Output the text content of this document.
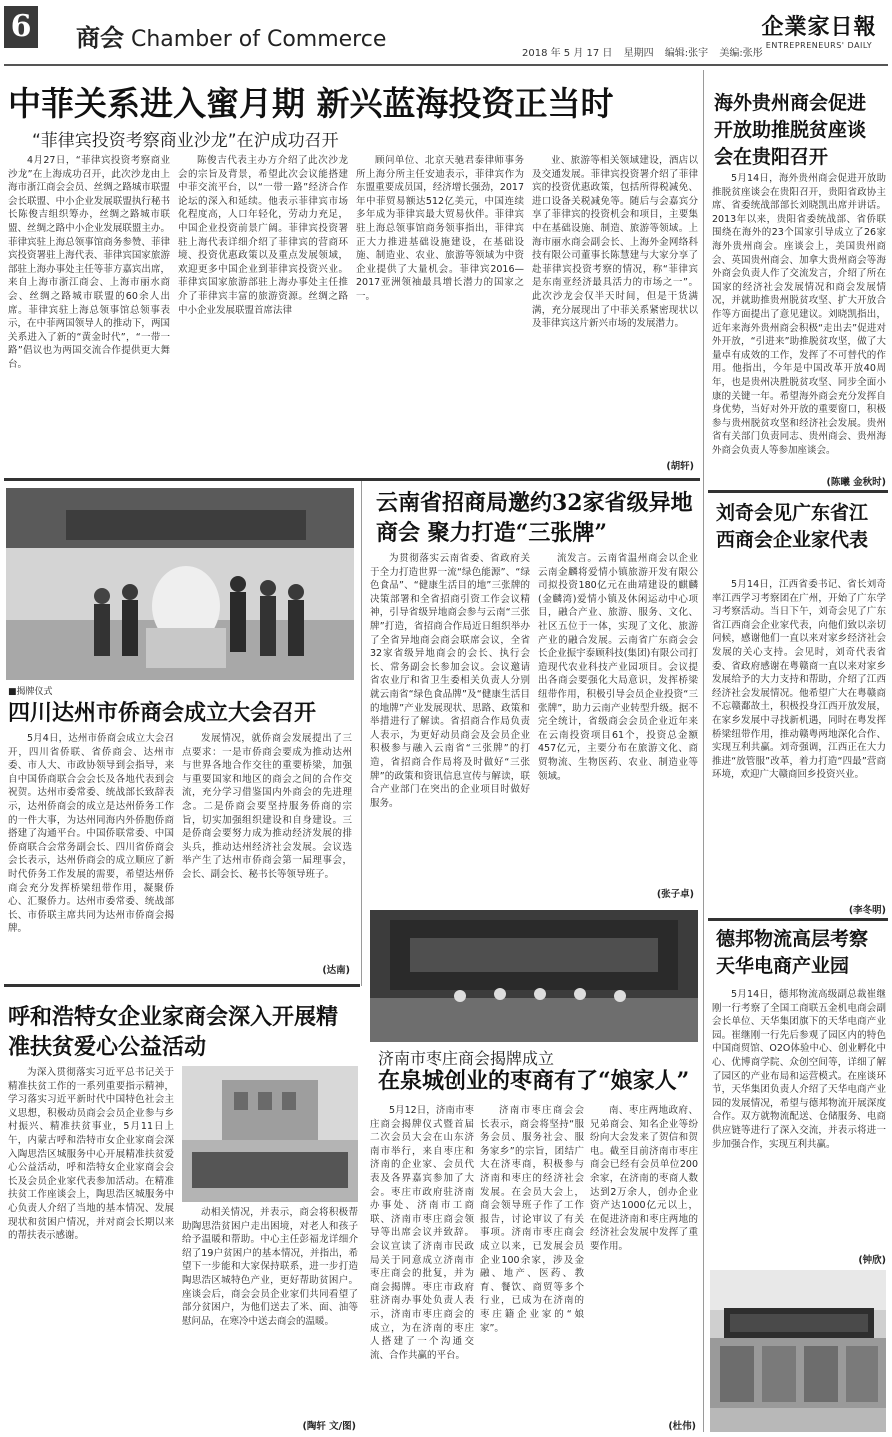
6 商会 Chamber of Commerce
2018 年 5 月 17 日 星期四 编辑:张宇 美编:张彤
企業家日報
ENTREPRENEURS' DAILY
中菲关系进入蜜月期 新兴蓝海投资正当时
“菲律宾投资考察商业沙龙”在沪成功召开

4月27日，“菲律宾投资考察商业沙龙”在上海成功召开，此次沙龙由上海市浙江商会会员、丝绸之路城市联盟会长联盟、中小企业发展联盟执行秘书长陈俊吉组织筹办，丝绸之路城市联盟、丝绸之路中小企业发展联盟主办。菲律宾驻上海总领事馆商务参赞、菲律宾投资署驻上海代表、菲律宾国家旅游部驻上海办事处主任等菲方嘉宾出席，来自上海市浙江商会、上海市丽水商会、丝绸之路城市联盟的60余人出席。菲律宾驻上海总领事馆总领事表示，在中菲两国领导人的推动下，两国关系进入了新的“黄金时代”，“一带一路”倡议也为两国交流合作提供更大舞台。

陈俊吉代表主办方介绍了此次沙龙会的宗旨及背景，希望此次会议能搭建中菲交流平台，以“一带一路”经济合作论坛的深入和延续。他表示菲律宾市场化程度高，人口年轻化，劳动力充足，中国企业投资前景广阔。菲律宾投资署驻上海代表详细介绍了菲律宾的营商环境、投资优惠政策以及重点发展领域，欢迎更多中国企业到菲律宾投资兴业。菲律宾国家旅游部驻上海办事处主任推介了菲律宾丰富的旅游资源。丝绸之路中小企业发展联盟首席法律

顾问单位、北京天驰君泰律师事务所上海分所主任安迪表示，菲律宾作为东盟重要成员国，经济增长强劲，2017年中菲贸易额达512亿美元，中国连续多年成为菲律宾最大贸易伙伴。菲律宾驻上海总领事馆商务领事指出，菲律宾正大力推进基础设施建设，在基础设施、制造业、农业、旅游等领域为中资企业提供了大量机会。菲律宾2016—2017亚洲领袖最具增长潜力的国家之一。

业、旅游等相关领域建设，酒店以及交通发展。菲律宾投资署介绍了菲律宾的投资优惠政策，包括所得税减免、进口设备关税减免等。随后与会嘉宾分享了菲律宾的投资机会和项目，主要集中在基础设施、制造、旅游等领域。上海市丽水商会副会长、上海外金网络科技有限公司董事长陈慧建与大家分享了赴菲律宾投资考察的情况，称“菲律宾是东南亚经济最具活力的市场之一”。此次沙龙会仅半天时间，但是干货满满，充分展现出了中菲关系紧密现状以及菲律宾这片新兴市场的发展潜力。

(胡轩)
海外贵州商会促进开放助推脱贫座谈会在贵阳召开

5月14日，海外贵州商会促进开放助推脱贫座谈会在贵阳召开，贵阳省政协主席、省委统战部部长刘晓凯出席并讲话。2013年以来，贵阳省委统战部、省侨联围绕在海外的23个国家引导成立了26家海外贵州商会。座谈会上，美国贵州商会、英国贵州商会、加拿大贵州商会等海外商会负责人作了交流发言，介绍了所在国家的经济社会发展情况和商会发展情况，并就助推贵州脱贫攻坚、扩大开放合作等方面提出了意见建议。刘晓凯指出，近年来海外贵州商会积极“走出去”促进对外开放，“引进来”助推脱贫攻坚，做了大量卓有成效的工作，发挥了不可替代的作用。他指出，今年是中国改革开放40周年，也是贵州决胜脱贫攻坚、同步全面小康的关键一年。希望海外商会充分发挥自身优势，当好对外开放的重要窗口，积极参与贵州脱贫攻坚和经济社会发展。贵州省有关部门负责同志、贵州商会、贵州海外商会负责人等参加座谈会。

(陈曦 金秋时)
刘奇会见广东省江西商会企业家代表

5月14日，江西省委书记、省长刘奇率江西学习考察团在广州，开始了广东学习考察活动。当日下午，刘奇会见了广东省江西商会企业家代表，向他们致以亲切问候，感谢他们一直以来对家乡经济社会发展的关心支持。会见时，刘奇代表省委、省政府感谢在粤赣商一直以来对家乡发展给予的大力支持和帮助，介绍了江西经济社会发展情况。他希望广大在粤赣商不忘赣鄱故土，积极投身江西开放发展，在家乡发展中寻找新机遇，同时在粤发挥桥梁纽带作用，推动赣粤两地深化合作、实现互利共赢。刘奇强调，江西正在大力推进“放管服”改革，着力打造“四最”营商环境，欢迎广大赣商回乡投资兴业。

(李冬明)
德邦物流高层考察天华电商产业园

5月14日，德邦物流高级副总裁崔继刚一行考察了全国工商联五金机电商会副会长单位、天华集团旗下的天华电商产业园。崔继刚一行先后参观了园区内的特色中国商贸馆、O2O体验中心、创业孵化中心、优博商学院、众创空间等，详细了解了园区的产业布局和运营模式。在座谈环节，天华集团负责人介绍了天华电商产业园的发展情况，希望与德邦物流开展深度合作。双方就物流配送、仓储服务、电商供应链等进行了深入交流，并表示将进一步加强合作，实现互利共赢。

(钟欣)
云南省招商局邀约32家省级异地商会 聚力打造“三张牌”

为贯彻落实云南省委、省政府关于全力打造世界一流“绿色能源”、“绿色食品”、“健康生活目的地”三张牌的决策部署和全省招商引资工作会议精神，引导省级异地商会参与云南“三张牌”打造，省招商合作局近日组织举办了全省异地商会商会联席会议，全省32家省级异地商会的会长、执行会长、常务副会长参加会议。会议邀请省农业厅和省卫生委相关负责人分别就云南省“绿色食品牌”及“健康生活目的地牌”产业发展现状、思路、政策和举措进行了解读。省招商合作局负责人表示，为更好动员商会及会员企业积极参与融入云南省“三张牌”的打造，省招商合作局将及时做好“三张牌”的政策和资讯信息宣传与解读，联合产业部门在突出的企业项目时做好服务。

流发言。云南省温州商会以企业云南金麟将爱情小镇旅游开发有限公司拟投资180亿元在曲靖建设的麒麟(金麟湾)爱情小镇及休闲运动中心项目，融合产业、旅游、服务、文化、社区五位于一体，实现了文化、旅游产业的融合发展。云南省广东商会会长企业振宇泰顾科技(集团)有限公司打造现代农业科技产业园项目。会议提出各商会要强化大局意识，发挥桥梁纽带作用，积极引导会员企业投资“三张牌”，助力云南产业转型升级。据不完全统计，省级商会会员企业近年来在云南投资项目61个，投资总金额457亿元，主要分布在旅游文化、商贸物流、生物医药、农业、制造业等领域。

(张子卓)
■揭牌仪式
四川达州市侨商会成立大会召开

5月4日，达州市侨商会成立大会召开，四川省侨联、省侨商会、达州市委、市人大、市政协领导到会指导，来自中国侨商联合会会长及各地代表到会祝贺。达州市委常委、统战部长致辞表示，达州侨商会的成立是达州侨务工作的一件大事，为达州同海内外侨胞侨商搭建了沟通平台。中国侨联常委、中国侨商联合会常务副会长、四川省侨商会会长表示，达州侨商会的成立顺应了新时代侨务工作发展的需要，希望达州侨商会充分发挥桥梁纽带作用，凝聚侨心、汇聚侨力。达州市委常委、统战部长、市侨联主席共同为达州市侨商会揭牌。

发展情况，就侨商会发展提出了三点要求：一是市侨商会要成为推动达州与世界各地合作交往的重要桥梁，加强与重要国家和地区的商会之间的合作交流，充分学习借鉴国内外商会的先进理念。二是侨商会要坚持服务侨商的宗旨，切实加强组织建设和自身建设。三是侨商会要努力成为推动经济发展的排头兵，推动达州经济社会发展。会议选举产生了达州市侨商会第一届理事会，会长、副会长、秘书长等领导班子。

(达南)
呼和浩特女企业家商会深入开展精准扶贫爱心公益活动

为深入贯彻落实习近平总书记关于精准扶贫工作的一系列重要指示精神，学习落实习近平新时代中国特色社会主义思想，积极动员商会会员企业参与乡村振兴、精准扶贫事业，5月11日上午，内蒙古呼和浩特市女企业家商会深入陶思浩区城服务中心开展精准扶贫爱心公益活动，呼和浩特女企业家商会会长及会员企业家代表参加活动。在精准扶贫工作座谈会上，陶思浩区城服务中心负责人介绍了当地的基本情况、发展现状和贫困户情况，并对商会长期以来的帮扶表示感谢。

动相关情况，并表示，商会将积极帮助陶思浩贫困户走出困境，对老人和孩子给予温暖和帮助。中心主任彭福龙详细介绍了19户贫困户的基本情况，并指出，希望下一步能和大家保持联系，进一步打造陶思浩区城特色产业，更好帮助贫困户。座谈会后，商会会员企业家们共同看望了部分贫困户，为他们送去了米、面、油等慰问品，在寒冷中送去商会的温暖。

(陶轩 文/图)
济南市枣庄商会揭牌成立
在泉城创业的枣商有了“娘家人”

5月12日，济南市枣庄商会揭牌仪式暨首届二次会员大会在山东济南市举行，来自枣庄和济南的企业家、会员代表及各界嘉宾参加了大会。枣庄市政府驻济南办事处、济南市工商联、济南市枣庄商会领导等出席会议并致辞。会议宣读了济南市民政局关于同意成立济南市枣庄商会的批复，并为商会揭牌。枣庄市政府驻济南办事处负责人表示，济南市枣庄商会的成立，为在济南的枣庄人搭建了一个沟通交流、合作共赢的平台。

济南市枣庄商会会长表示，商会将坚持“服务会员、服务社会、服务家乡”的宗旨，团结广大在济枣商，积极参与济南和枣庄的经济社会发展。在会员大会上，商会领导班子作了工作报告，讨论审议了有关事项。济南市枣庄商会成立以来，已发展会员企业100余家，涉及金融、地产、医药、教育、餐饮、商贸等多个行业，已成为在济南的枣庄籍企业家的“娘家”。

南、枣庄两地政府、兄弟商会、知名企业等纷纷向大会发来了贺信和贺电。截至目前济南市枣庄商会已经有会员单位200余家，在济南的枣商人数达到2万余人，创办企业资产达1000亿元以上，在促进济南和枣庄两地的经济社会发展中发挥了重要作用。

(杜伟)
